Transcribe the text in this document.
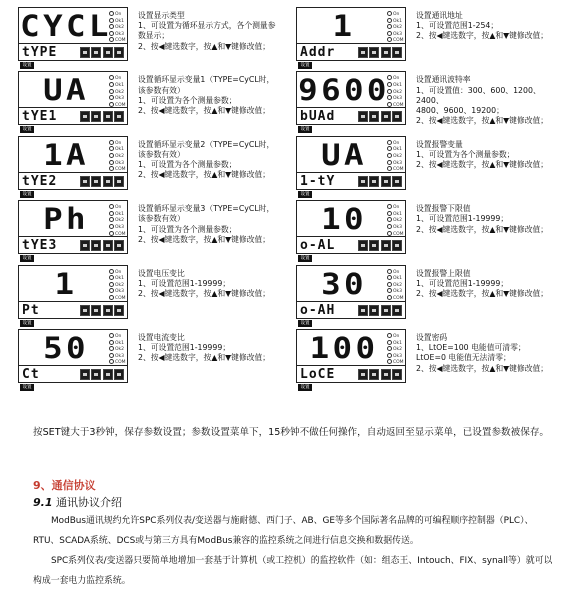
CYCL On
Ok1
Ok2
Ok3
COM
tYPE
设置
设置显示类型
1、可设置为循环显示方式，各个测量参数显示；
2、按◀键选数字，按▲和▼键修改值；
UA	On
Ok1
Ok2
Ok3
COM
tYE1
设置
设置循环显示变量1（TYPE=CyCL时，该参数有效）
1、可设置为各个测量参数；
2、按◀键选数字，按▲和▼键修改值；
1A	On
Ok1
Ok2
Ok3
COM
tYE2
设置
设置循环显示变量2（TYPE=CyCL时，该参数有效）
1、可设置为各个测量参数；
2、按◀键选数字，按▲和▼键修改值；
Ph	On
Ok1
Ok2
Ok3
COM
tYE3
设置
设置循环显示变量3（TYPE=CyCL时，该参数有效）
1、可设置为各个测量参数；
2、按◀键选数字，按▲和▼键修改值；
1	On
Ok1
Ok2
Ok3
COM
Pt
设置
设置电压变比
1、可设置范围1-19999；
2、按◀键选数字，按▲和▼键修改值；
50	On
Ok1
Ok2
Ok3
COM
Ct
设置
设置电流变比
1、可设置范围1-19999；
2、按◀键选数字，按▲和▼键修改值；
1	On
Ok1
Ok2
Ok3
COM
Addr
设置
设置通讯地址
1、可设置范围1-254；
2、按◀键选数字，按▲和▼键修改值；
9600 On
Ok1
Ok2
Ok3
COM
bUAd
设置
设置通讯波特率
1、可设置值：300、600、1200、2400、
4800、9600、19200；
2、按◀键选数字，按▲和▼键修改值；
UA	On
Ok1
Ok2
Ok3
COM
1-tY
设置
设置报警变量
1、可设置为各个测量参数；
2、按◀键选数字，按▲和▼键修改值；
10	On
Ok1
Ok2
Ok3
COM
o-AL
设置
设置报警下限值
1、可设置范围1-19999；
2、按◀键选数字，按▲和▼键修改值；
30	On
Ok1
Ok2
Ok3
COM
o-AH
设置
设置报警上限值
1、可设置范围1-19999；
2、按◀键选数字，按▲和▼键修改值；
100	On
Ok1
Ok2
Ok3
COM
LoCE
设置
设置密码
1、LtOE=100 电能值可清零；
LtOE=0 电能值无法清零；
2、按◀键选数字，按▲和▼键修改值；
按SET键大于3秒钟，保存参数设置；参数设置菜单下，15秒钟不做任何操作，自动返回至显示菜单，已设置参数被保存。
9、通信协议
9.1 通讯协议介绍
ModBus通讯规约允许SPC系列仪表/变送器与施耐德、西门子、AB、GE等多个国际著名品牌的可编程顺序控制器（PLC）、RTU、SCADA系统、DCS或与第三方具有ModBus兼容的监控系统之间进行信息交换和数据传送。
SPC系列仪表/变送器只要简单地增加一套基于计算机（或工控机）的监控软件（如：组态王、Intouch、FIX、synall等）就可以构成一套电力监控系统。
